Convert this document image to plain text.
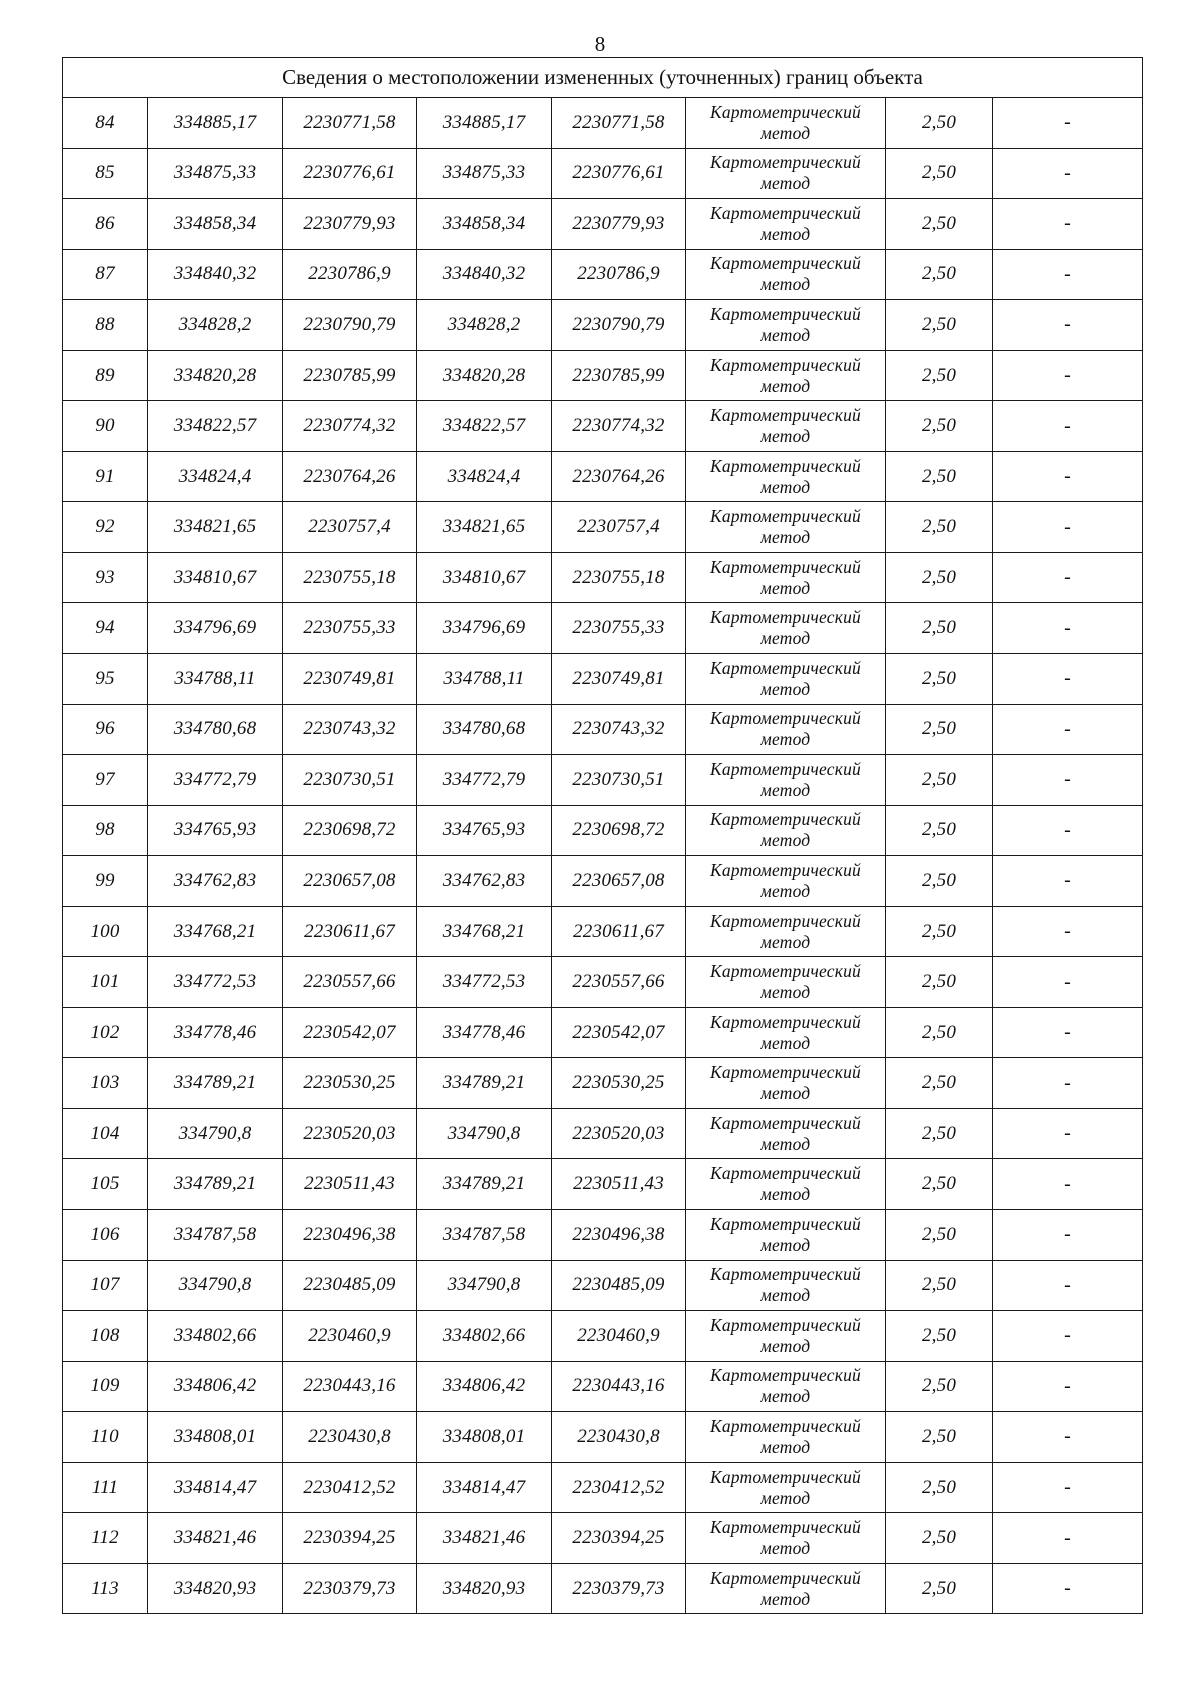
8
Сведения о местоположении измененных (уточненных) границ объекта							
84	334885,17	2230771,58	334885,17	2230771,58	Картометрический метод	2,50	-
85	334875,33	2230776,61	334875,33	2230776,61	Картометрический метод	2,50	-
86	334858,34	2230779,93	334858,34	2230779,93	Картометрический метод	2,50	-
87	334840,32	2230786,9	334840,32	2230786,9	Картометрический метод	2,50	-
88	334828,2	2230790,79	334828,2	2230790,79	Картометрический метод	2,50	-
89	334820,28	2230785,99	334820,28	2230785,99	Картометрический метод	2,50	-
90	334822,57	2230774,32	334822,57	2230774,32	Картометрический метод	2,50	-
91	334824,4	2230764,26	334824,4	2230764,26	Картометрический метод	2,50	-
92	334821,65	2230757,4	334821,65	2230757,4	Картометрический метод	2,50	-
93	334810,67	2230755,18	334810,67	2230755,18	Картометрический метод	2,50	-
94	334796,69	2230755,33	334796,69	2230755,33	Картометрический метод	2,50	-
95	334788,11	2230749,81	334788,11	2230749,81	Картометрический метод	2,50	-
96	334780,68	2230743,32	334780,68	2230743,32	Картометрический метод	2,50	-
97	334772,79	2230730,51	334772,79	2230730,51	Картометрический метод	2,50	-
98	334765,93	2230698,72	334765,93	2230698,72	Картометрический метод	2,50	-
99	334762,83	2230657,08	334762,83	2230657,08	Картометрический метод	2,50	-
100	334768,21	2230611,67	334768,21	2230611,67	Картометрический метод	2,50	-
101	334772,53	2230557,66	334772,53	2230557,66	Картометрический метод	2,50	-
102	334778,46	2230542,07	334778,46	2230542,07	Картометрический метод	2,50	-
103	334789,21	2230530,25	334789,21	2230530,25	Картометрический метод	2,50	-
104	334790,8	2230520,03	334790,8	2230520,03	Картометрический метод	2,50	-
105	334789,21	2230511,43	334789,21	2230511,43	Картометрический метод	2,50	-
106	334787,58	2230496,38	334787,58	2230496,38	Картометрический метод	2,50	-
107	334790,8	2230485,09	334790,8	2230485,09	Картометрический метод	2,50	-
108	334802,66	2230460,9	334802,66	2230460,9	Картометрический метод	2,50	-
109	334806,42	2230443,16	334806,42	2230443,16	Картометрический метод	2,50	-
110	334808,01	2230430,8	334808,01	2230430,8	Картометрический метод	2,50	-
111	334814,47	2230412,52	334814,47	2230412,52	Картометрический метод	2,50	-
112	334821,46	2230394,25	334821,46	2230394,25	Картометрический метод	2,50	-
113	334820,93	2230379,73	334820,93	2230379,73	Картометрический метод	2,50	-
